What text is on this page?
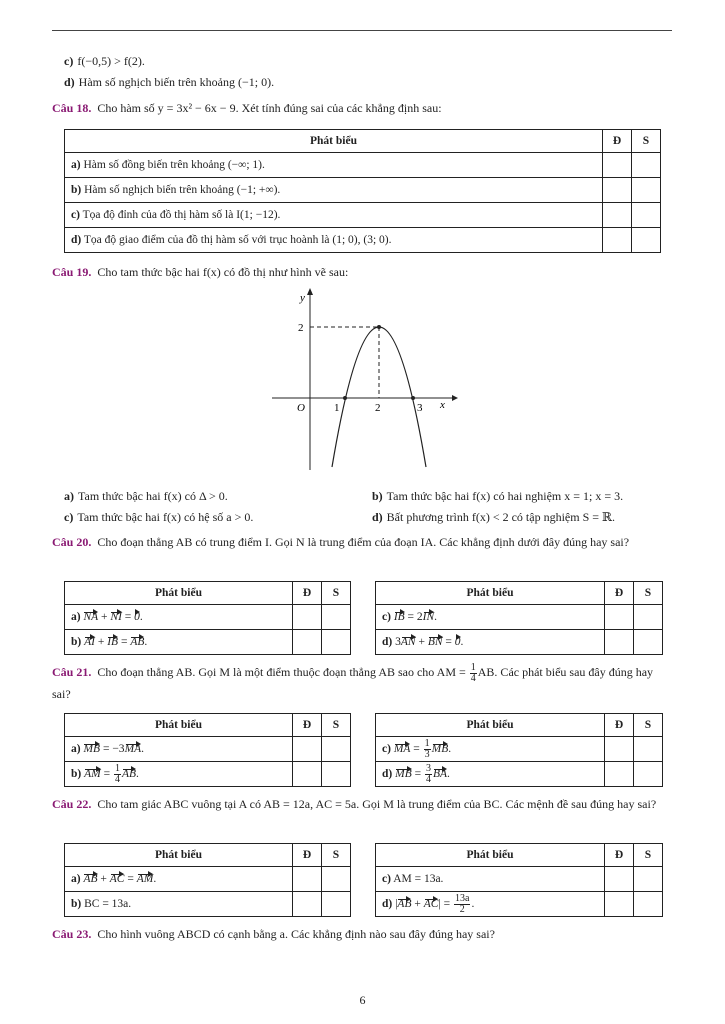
c) f(−0,5) > f(2).
d) Hàm số nghịch biến trên khoảng (−1; 0).
Câu 18. Cho hàm số y = 3x² − 6x − 9. Xét tính đúng sai của các khẳng định sau:
Phát biểu	Đ	S
a) Hàm số đồng biến trên khoảng (−∞; 1).		
b) Hàm số nghịch biến trên khoảng (−1; +∞).		
c) Tọa độ đỉnh của đồ thị hàm số là I(1; −12).		
d) Tọa độ giao điểm của đồ thị hàm số với trục hoành là (1; 0), (3; 0).		
Câu 19. Cho tam thức bậc hai f(x) có đồ thị như hình vẽ sau:
y
x
O	1	2	3
2
a) Tam thức bậc hai f(x) có Δ > 0.	b) Tam thức bậc hai f(x) có hai nghiệm x = 1; x = 3.
c) Tam thức bậc hai f(x) có hệ số a > 0.	d) Bất phương trình f(x) < 2 có tập nghiệm S = ℝ.
Câu 20. Cho đoạn thẳng AB có trung điểm I. Gọi N là trung điểm của đoạn IA. Các khẳng định dưới đây đúng hay sai?
Phát biểu	Đ	S
a) NA + NI = 0.		
b) AI + IB = AB.		
Phát biểu	Đ	S
c) IB = 2IN.		
d) 3AN + BN = 0.		
Câu 21. Cho đoạn thẳng AB. Gọi M là một điểm thuộc đoạn thẳng AB sao cho AM = $\frac{1}{4}$ AB. Các phát biểu sau đây đúng hay sai?
Phát biểu	Đ	S
a) MB = −3MA.		
b) AM = $\frac{1}{4}$ AB.		
Phát biểu	Đ	S
c) MA = $\frac{1}{3}$ MB.		
d) MB = $\frac{3}{4}$ BA.		
Câu 22. Cho tam giác ABC vuông tại A có AB = 12a, AC = 5a. Gọi M là trung điểm của BC. Các mệnh đề sau đúng hay sai?
Phát biểu	Đ	S
a) AB + AC = AM.		
b) BC = 13a.		
Phát biểu	Đ	S
c) AM = 13a.		
d) $|AB + AC| = \frac{13a}{2}$ .		
Câu 23. Cho hình vuông ABCD có cạnh bằng a. Các khẳng định nào sau đây đúng hay sai?
6
